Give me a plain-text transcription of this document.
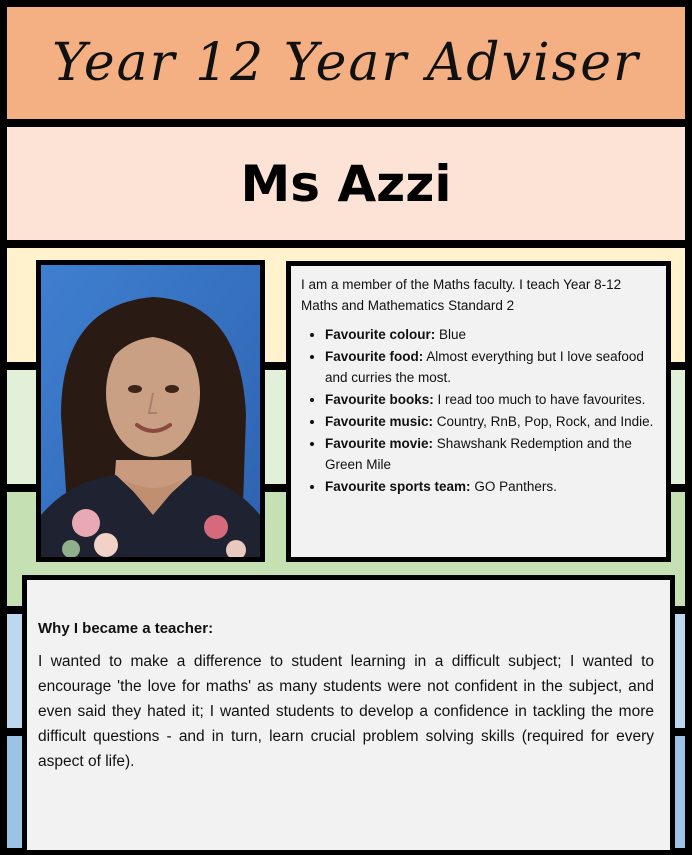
Year 12 Year Adviser
Ms Azzi

I am a member of the Maths faculty. I teach Year 8-12 Maths and Mathematics Standard 2

• Favourite colour: Blue
• Favourite food: Almost everything but I love seafood and curries the most.
• Favourite books: I read too much to have favourites.
• Favourite music: Country, RnB, Pop, Rock, and Indie.
• Favourite movie: Shawshank Redemption and the Green Mile
• Favourite sports team: GO Panthers.
Why I became a teacher:
I wanted to make a difference to student learning in a difficult subject; I wanted to encourage 'the love for maths' as many students were not confident in the subject, and even said they hated it; I wanted students to develop a confidence in tackling the more difficult questions - and in turn, learn crucial problem solving skills (required for every aspect of life).
